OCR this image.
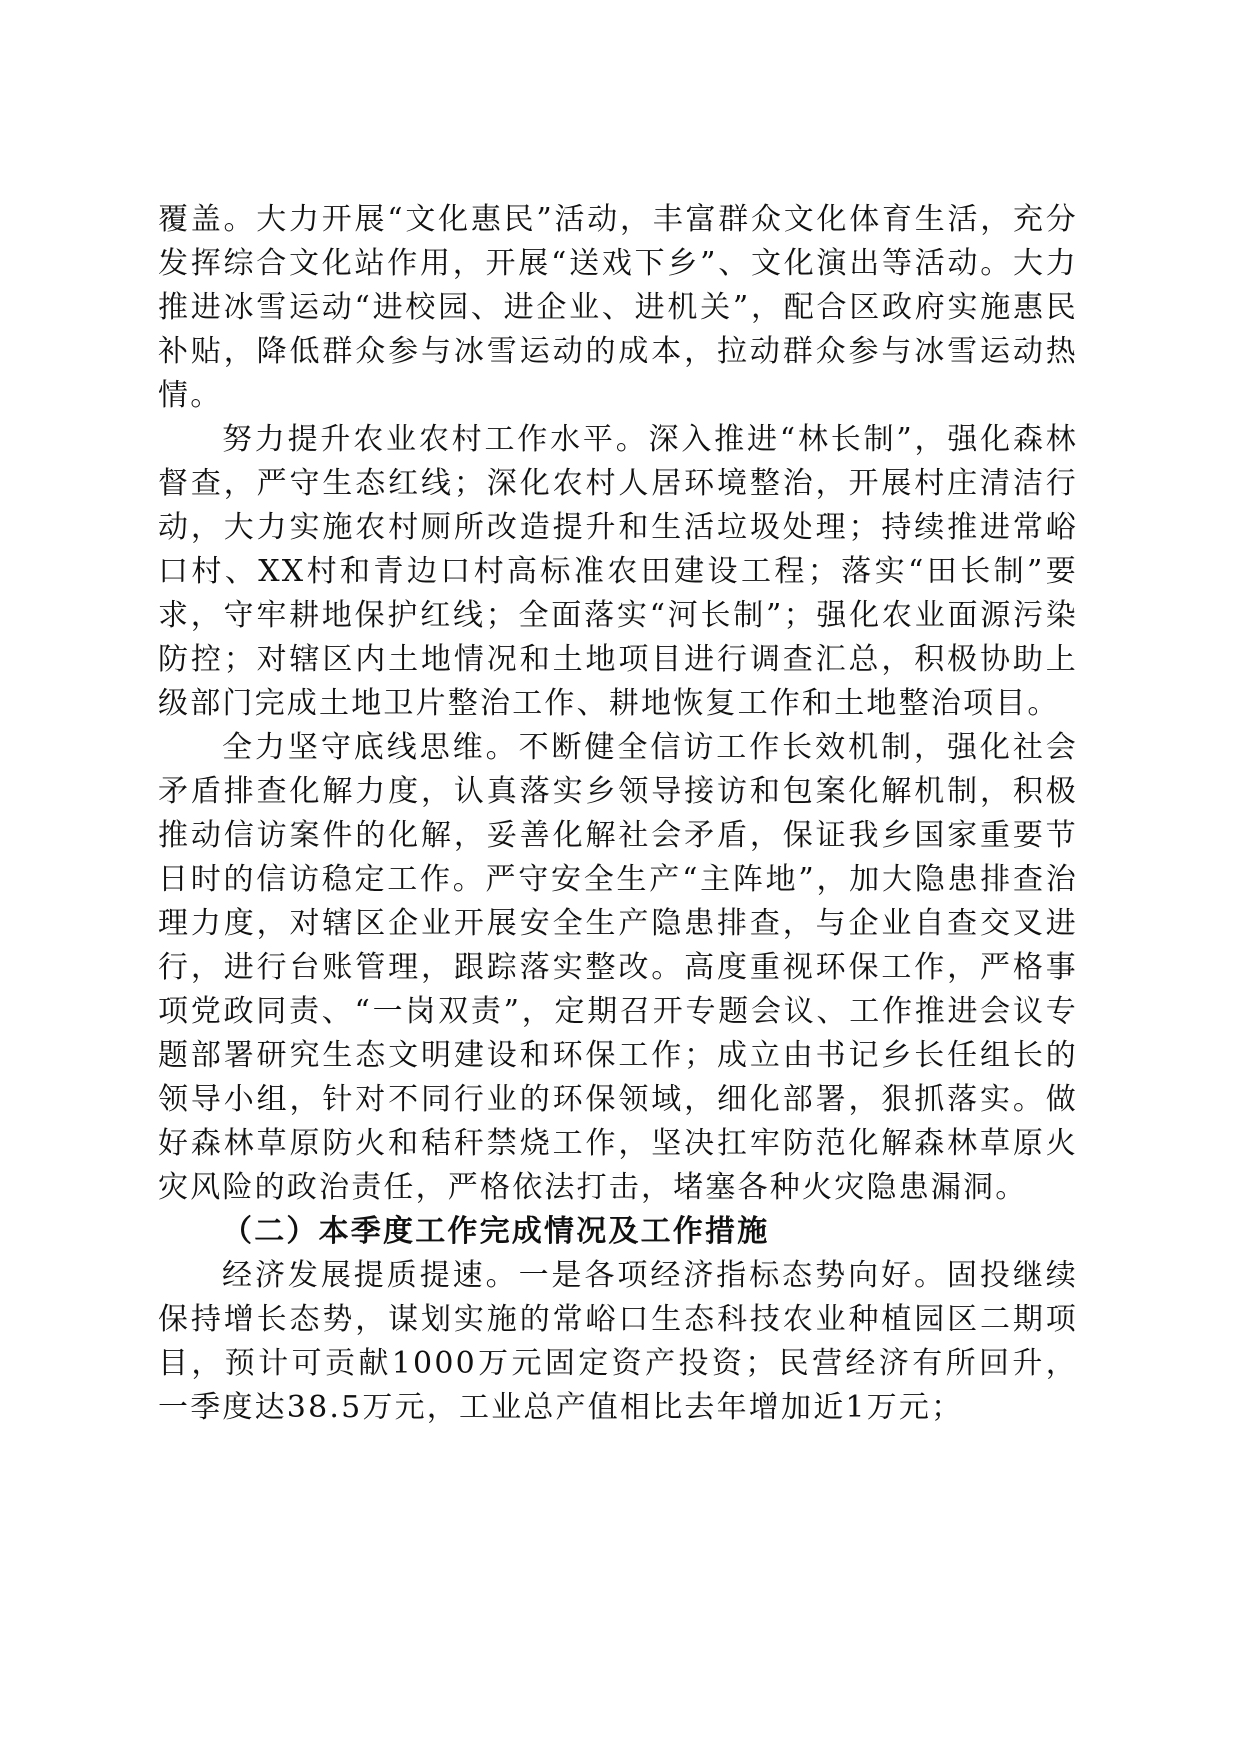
覆盖。大力开展“文化惠民”活动，丰富群众文化体育生活，充分发挥综合文化站作用，开展“送戏下乡”、文化演出等活动。大力推进冰雪运动“进校园、进企业、进机关”，配合区政府实施惠民补贴，降低群众参与冰雪运动的成本，拉动群众参与冰雪运动热情。

努力提升农业农村工作水平。深入推进“林长制”，强化森林督查，严守生态红线；深化农村人居环境整治，开展村庄清洁行动，大力实施农村厕所改造提升和生活垃圾处理；持续推进常峪口村、XX村和青边口村高标准农田建设工程；落实“田长制”要求，守牢耕地保护红线；全面落实“河长制”；强化农业面源污染防控；对辖区内土地情况和土地项目进行调查汇总，积极协助上级部门完成土地卫片整治工作、耕地恢复工作和土地整治项目。

全力坚守底线思维。不断健全信访工作长效机制，强化社会矛盾排查化解力度，认真落实乡领导接访和包案化解机制，积极推动信访案件的化解，妥善化解社会矛盾，保证我乡国家重要节日时的信访稳定工作。严守安全生产“主阵地”，加大隐患排查治理力度，对辖区企业开展安全生产隐患排查，与企业自查交叉进行，进行台账管理，跟踪落实整改。高度重视环保工作，严格事项党政同责、“一岗双责”，定期召开专题会议、工作推进会议专题部署研究生态文明建设和环保工作；成立由书记乡长任组长的领导小组，针对不同行业的环保领域，细化部署，狠抓落实。做好森林草原防火和秸秆禁烧工作，坚决扛牢防范化解森林草原火灾风险的政治责任，严格依法打击，堵塞各种火灾隐患漏洞。

（二）本季度工作完成情况及工作措施

经济发展提质提速。一是各项经济指标态势向好。固投继续保持增长态势，谋划实施的常峪口生态科技农业种植园区二期项目，预计可贡献1000万元固定资产投资；民营经济有所回升，一季度达38.5万元，工业总产值相比去年增加近1万元；
